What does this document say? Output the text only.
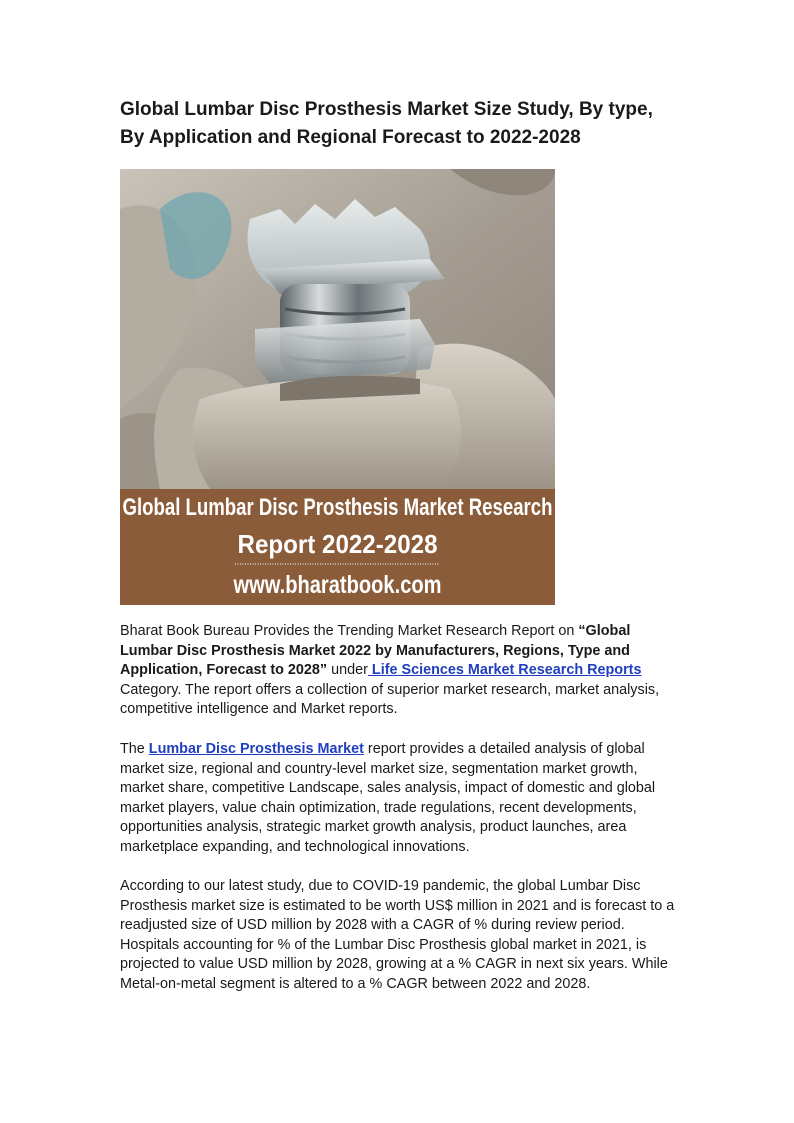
Global Lumbar Disc Prosthesis Market Size Study, By type, By Application and Regional Forecast to 2022-2028
Global Lumbar Disc Prosthesis Market Research
Report 2022-2028
www.bharatbook.com

Bharat Book Bureau Provides the Trending Market Research Report on “Global Lumbar Disc Prosthesis Market 2022 by Manufacturers, Regions, Type and Application, Forecast to 2028” under Life Sciences Market Research Reports Category. The report offers a collection of superior market research, market analysis, competitive intelligence and Market reports.

The Lumbar Disc Prosthesis Market report provides a detailed analysis of global market size, regional and country-level market size, segmentation market growth, market share, competitive Landscape, sales analysis, impact of domestic and global market players, value chain optimization, trade regulations, recent developments, opportunities analysis, strategic market growth analysis, product launches, area marketplace expanding, and technological innovations.

According to our latest study, due to COVID-19 pandemic, the global Lumbar Disc Prosthesis market size is estimated to be worth US$ million in 2021 and is forecast to a readjusted size of USD million by 2028 with a CAGR of % during review period. Hospitals accounting for % of the Lumbar Disc Prosthesis global market in 2021, is projected to value USD million by 2028, growing at a % CAGR in next six years. While Metal-on-metal segment is altered to a % CAGR between 2022 and 2028.
